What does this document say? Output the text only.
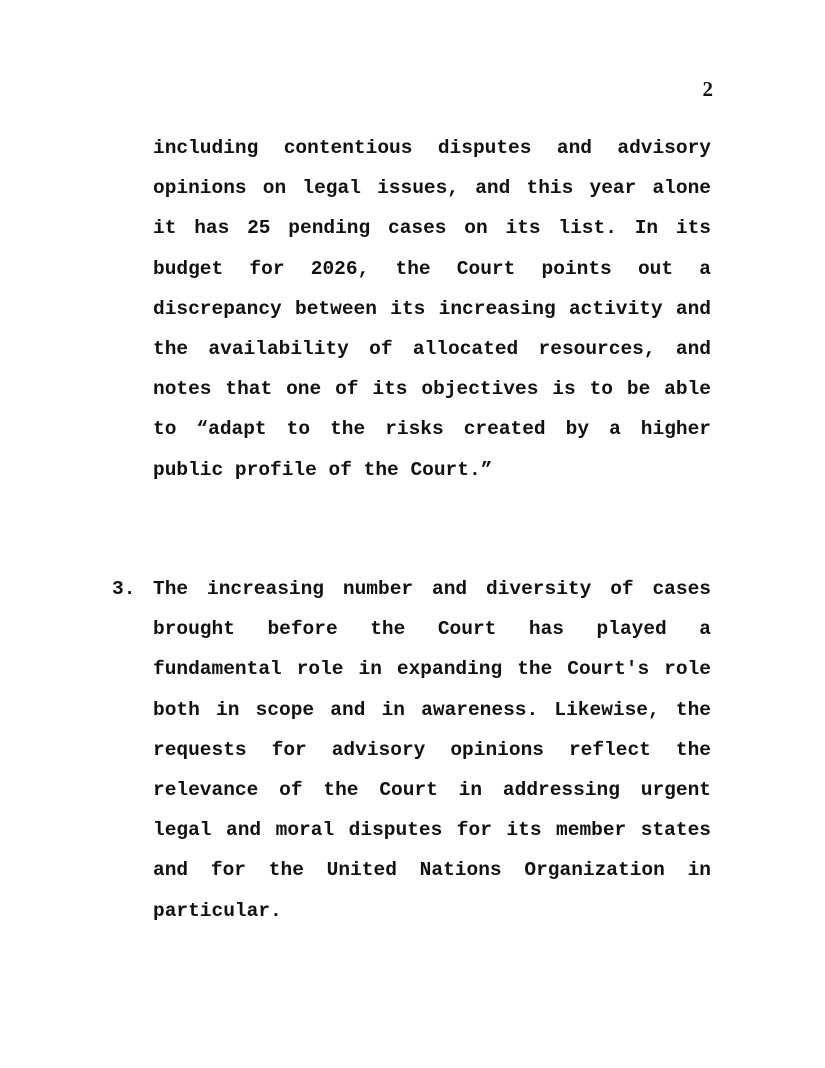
2

including contentious disputes and advisory opinions on legal issues, and this year alone it has 25 pending cases on its list. In its budget for 2026, the Court points out a discrepancy between its increasing activity and the availability of allocated resources, and notes that one of its objectives is to be able to “adapt to the risks created by a higher public profile of the Court.”

3. The increasing number and diversity of cases brought before the Court has played a fundamental role in expanding the Court's role both in scope and in awareness. Likewise, the requests for advisory opinions reflect the relevance of the Court in addressing urgent legal and moral disputes for its member states and for the United Nations Organization in particular.
